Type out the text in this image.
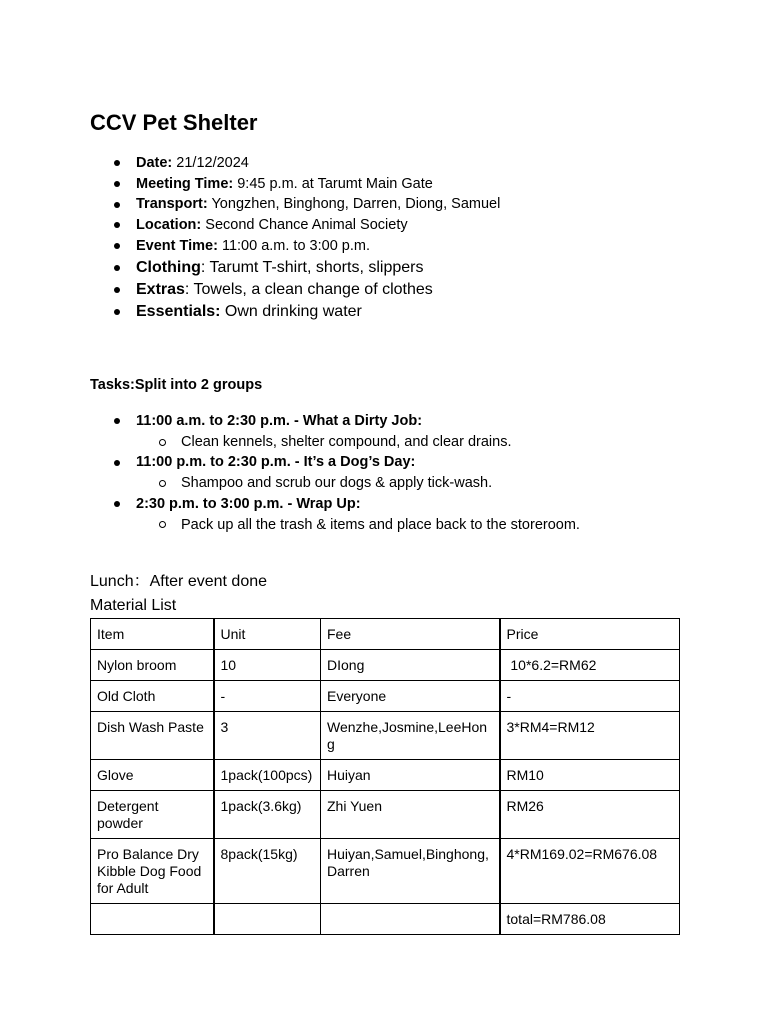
CCV Pet Shelter
Date: 21/12/2024
Meeting Time: 9:45 p.m. at Tarumt Main Gate
Transport: Yongzhen, Binghong, Darren, Diong, Samuel
Location: Second Chance Animal Society
Event Time: 11:00 a.m. to 3:00 p.m.
Clothing: Tarumt T-shirt, shorts, slippers
Extras: Towels, a clean change of clothes
Essentials: Own drinking water

Tasks:Split into 2 groups

11:00 a.m. to 2:30 p.m. - What a Dirty Job:
Clean kennels, shelter compound, and clear drains.
11:00 p.m. to 2:30 p.m. - It’s a Dog’s Day:
Shampoo and scrub our dogs & apply tick-wash.
2:30 p.m. to 3:00 p.m. - Wrap Up:
Pack up all the trash & items and place back to the storeroom.

Lunch：After event done

Material List

Item	Unit	Fee	Price
Nylon broom	10	DIong	10*6.2=RM62
Old Cloth	-	Everyone	-
Dish Wash Paste	3	Wenzhe,Josmine,LeeHong	3*RM4=RM12
Glove	1pack(100pcs)	Huiyan	RM10
Detergent powder	1pack(3.6kg)	Zhi Yuen	RM26
Pro Balance Dry Kibble Dog Food for Adult	8pack(15kg)	Huiyan,Samuel,Binghong, Darren	4*RM169.02=RM676.08
			total=RM786.08
